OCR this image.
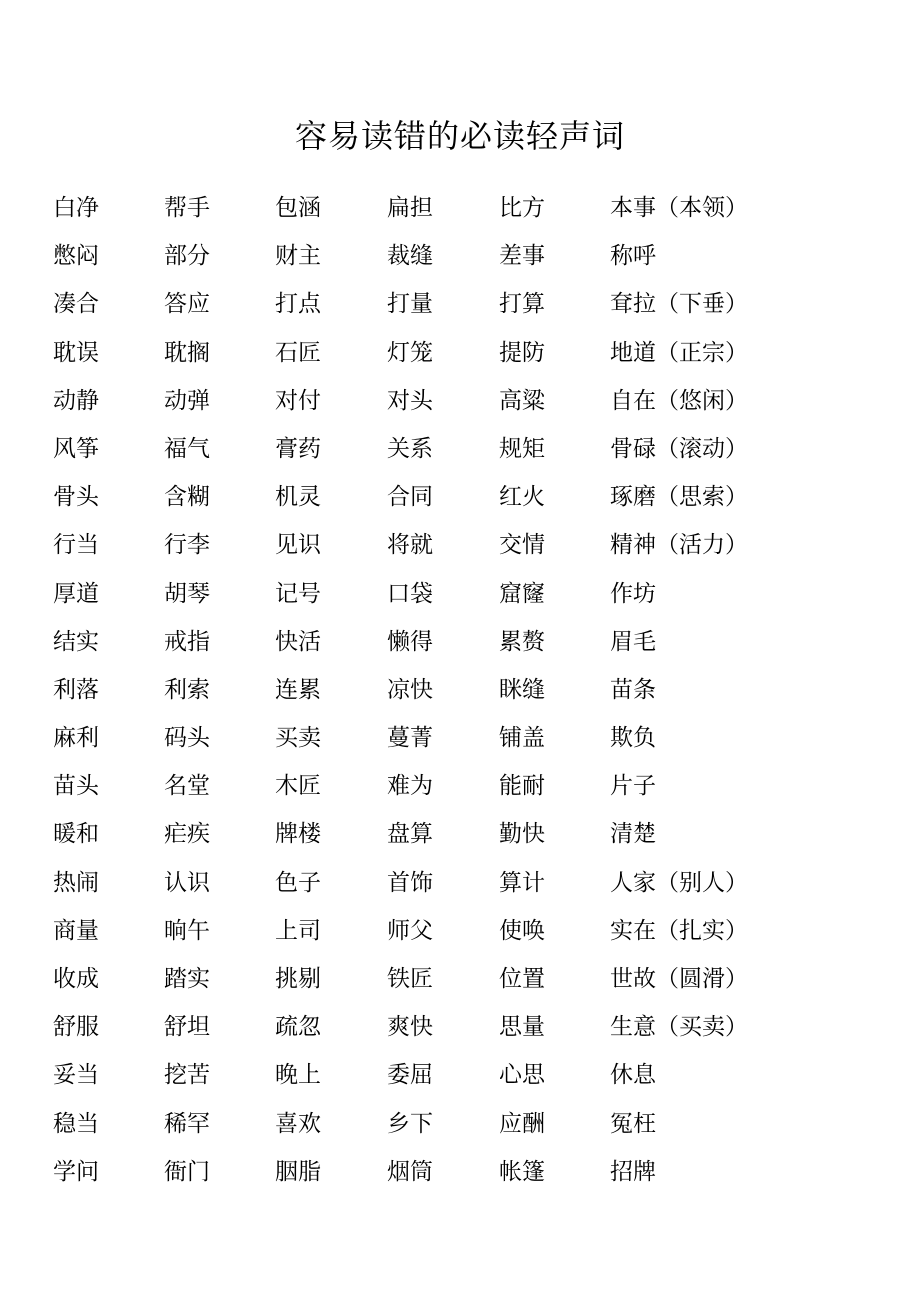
容易读错的必读轻声词
白净	帮手	包涵	扁担	比方	本事（本领）
憋闷	部分	财主	裁缝	差事	称呼
凑合	答应	打点	打量	打算	耷拉（下垂）
耽误	耽搁	石匠	灯笼	提防	地道（正宗）
动静	动弹	对付	对头	高粱	自在（悠闲）
风筝	福气	膏药	关系	规矩	骨碌（滚动）
骨头	含糊	机灵	合同	红火	琢磨（思索）
行当	行李	见识	将就	交情	精神（活力）
厚道	胡琴	记号	口袋	窟窿	作坊
结实	戒指	快活	懒得	累赘	眉毛
利落	利索	连累	凉快	眯缝	苗条
麻利	码头	买卖	蔓菁	铺盖	欺负
苗头	名堂	木匠	难为	能耐	片子
暖和	疟疾	牌楼	盘算	勤快	清楚
热闹	认识	色子	首饰	算计	人家（别人）
商量	晌午	上司	师父	使唤	实在（扎实）
收成	踏实	挑剔	铁匠	位置	世故（圆滑）
舒服	舒坦	疏忽	爽快	思量	生意（买卖）
妥当	挖苦	晚上	委屈	心思	休息
稳当	稀罕	喜欢	乡下	应酬	冤枉
学问	衙门	胭脂	烟筒	帐篷	招牌
